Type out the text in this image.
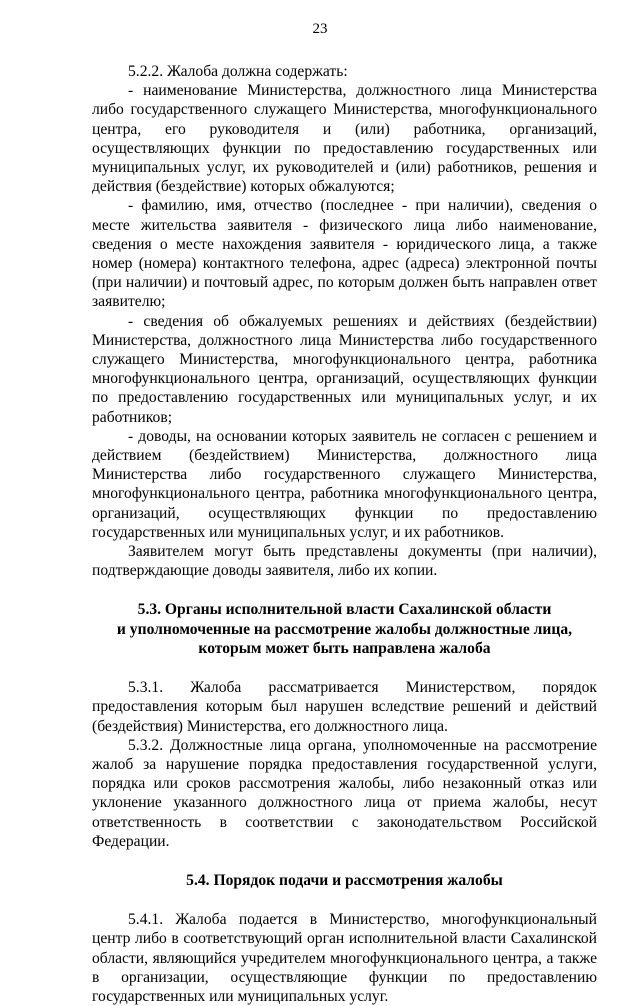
23

5.2.2. Жалоба должна содержать:

- наименование Министерства, должностного лица Министерства либо государственного служащего Министерства, многофункционального центра, его руководителя и (или) работника, организаций, осуществляющих функции по предоставлению государственных или муниципальных услуг, их руководителей и (или) работников, решения и действия (бездействие) которых обжалуются;

- фамилию, имя, отчество (последнее - при наличии), сведения о месте жительства заявителя - физического лица либо наименование, сведения о месте нахождения заявителя - юридического лица, а также номер (номера) контактного телефона, адрес (адреса) электронной почты (при наличии) и почтовый адрес, по которым должен быть направлен ответ заявителю;

- сведения об обжалуемых решениях и действиях (бездействии) Министерства, должностного лица Министерства либо государственного служащего Министерства, многофункционального центра, работника многофункционального центра, организаций, осуществляющих функции по предоставлению государственных или муниципальных услуг, и их работников;

- доводы, на основании которых заявитель не согласен с решением и действием (бездействием) Министерства, должностного лица Министерства либо государственного служащего Министерства, многофункционального центра, работника многофункционального центра, организаций, осуществляющих функции по предоставлению государственных или муниципальных услуг, и их работников.

Заявителем могут быть представлены документы (при наличии), подтверждающие доводы заявителя, либо их копии.

5.3. Органы исполнительной власти Сахалинской области

и уполномоченные на рассмотрение жалобы должностные лица,

которым может быть направлена жалоба

5.3.1. Жалоба рассматривается Министерством, порядок предоставления которым был нарушен вследствие решений и действий (бездействия) Министерства, его должностного лица.

5.3.2. Должностные лица органа, уполномоченные на рассмотрение жалоб за нарушение порядка предоставления государственной услуги, порядка или сроков рассмотрения жалобы, либо незаконный отказ или уклонение указанного должностного лица от приема жалобы, несут ответственность в соответствии с законодательством Российской Федерации.

5.4. Порядок подачи и рассмотрения жалобы

5.4.1. Жалоба подается в Министерство, многофункциональный центр либо в соответствующий орган исполнительной власти Сахалинской области, являющийся учредителем многофункционального центра, а также в организации, осуществляющие функции по предоставлению государственных или муниципальных услуг.
